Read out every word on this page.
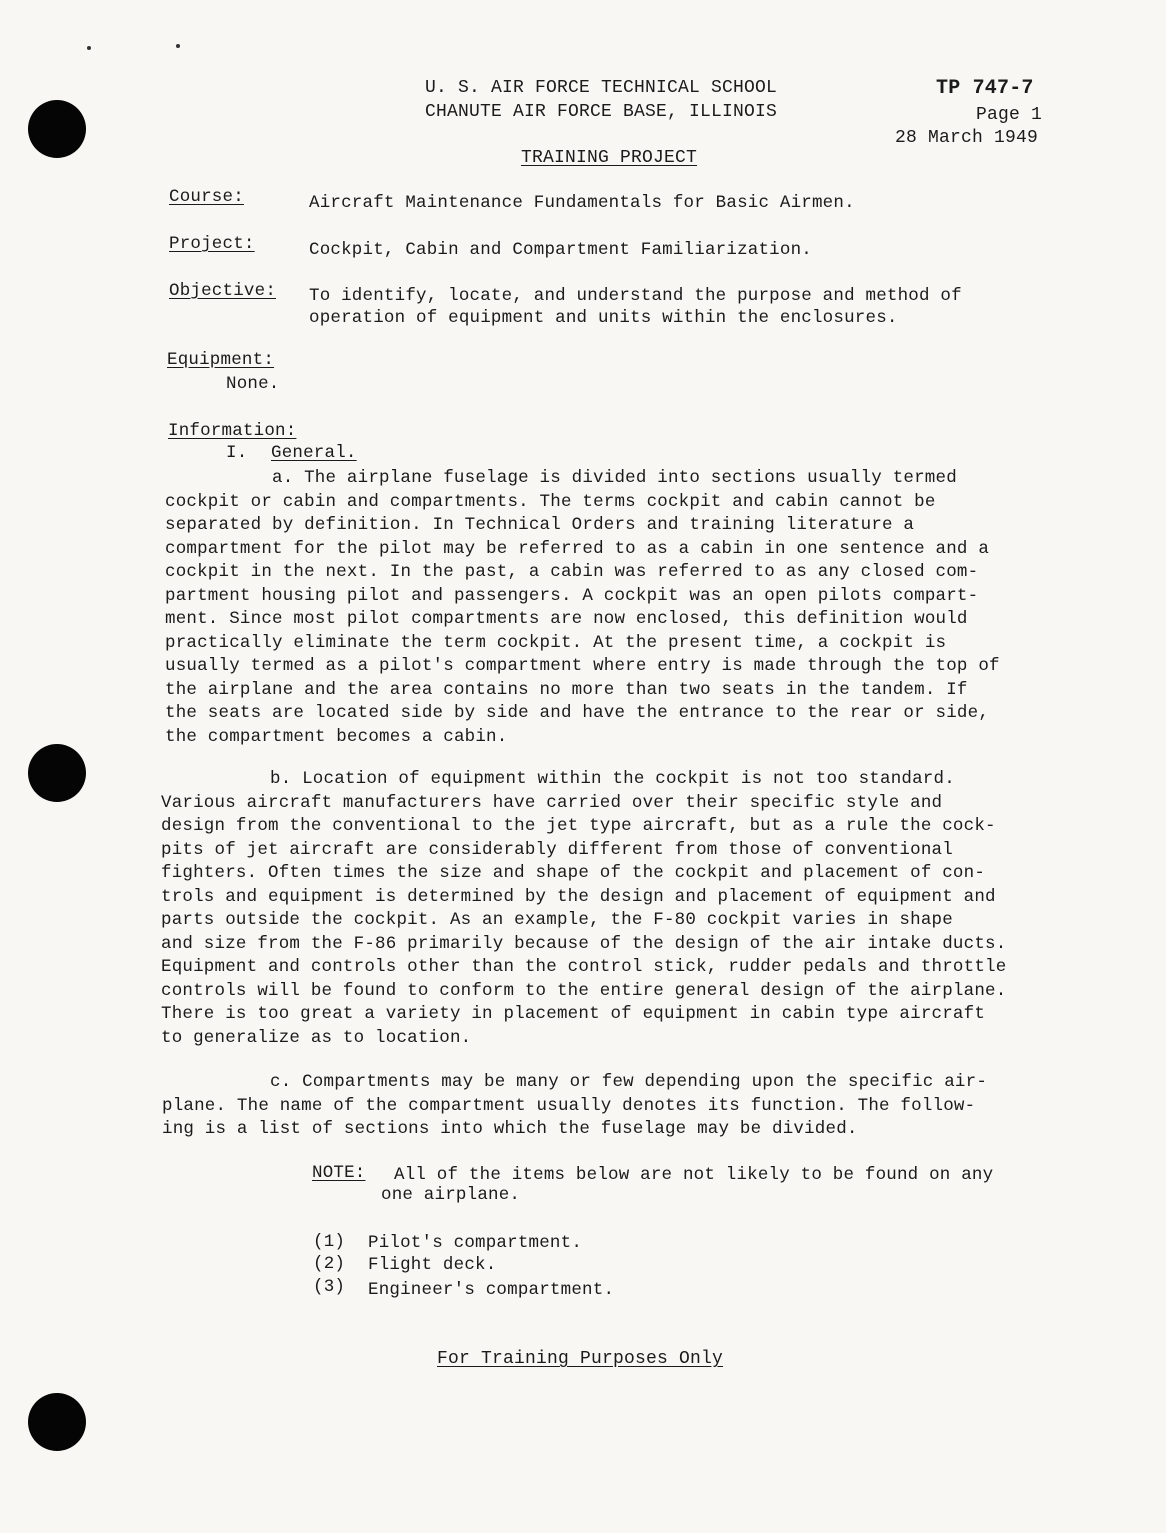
U. S. AIR FORCE TECHNICAL SCHOOL
CHANUTE AIR FORCE BASE, ILLINOIS
TP 747-7
Page 1
28 March 1949
TRAINING PROJECT
Course:	Aircraft Maintenance Fundamentals for Basic Airmen.
Project:	Cockpit, Cabin and Compartment Familiarization.
Objective: To identify, locate, and understand the purpose and method of
operation of equipment and units within the enclosures.
Equipment:
None.
Information:
I. General.
a. The airplane fuselage is divided into sections usually termed
cockpit or cabin and compartments. The terms cockpit and cabin cannot be
separated by definition. In Technical Orders and training literature a
compartment for the pilot may be referred to as a cabin in one sentence and a
cockpit in the next. In the past, a cabin was referred to as any closed com-
partment housing pilot and passengers. A cockpit was an open pilots compart-
ment. Since most pilot compartments are now enclosed, this definition would
practically eliminate the term cockpit. At the present time, a cockpit is
usually termed as a pilot's compartment where entry is made through the top of
the airplane and the area contains no more than two seats in the tandem. If
the seats are located side by side and have the entrance to the rear or side,
the compartment becomes a cabin.
b. Location of equipment within the cockpit is not too standard.
Various aircraft manufacturers have carried over their specific style and
design from the conventional to the jet type aircraft, but as a rule the cock-
pits of jet aircraft are considerably different from those of conventional
fighters. Often times the size and shape of the cockpit and placement of con-
trols and equipment is determined by the design and placement of equipment and
parts outside the cockpit. As an example, the F-80 cockpit varies in shape
and size from the F-86 primarily because of the design of the air intake ducts.
Equipment and controls other than the control stick, rudder pedals and throttle
controls will be found to conform to the entire general design of the airplane.
There is too great a variety in placement of equipment in cabin type aircraft
to generalize as to location.
c. Compartments may be many or few depending upon the specific air-
plane. The name of the compartment usually denotes its function. The follow-
ing is a list of sections into which the fuselage may be divided.
NOTE: All of the items below are not likely to be found on any
one airplane.
(1) Pilot's compartment.
(2) Flight deck.
(3) Engineer's compartment.
For Training Purposes Only
